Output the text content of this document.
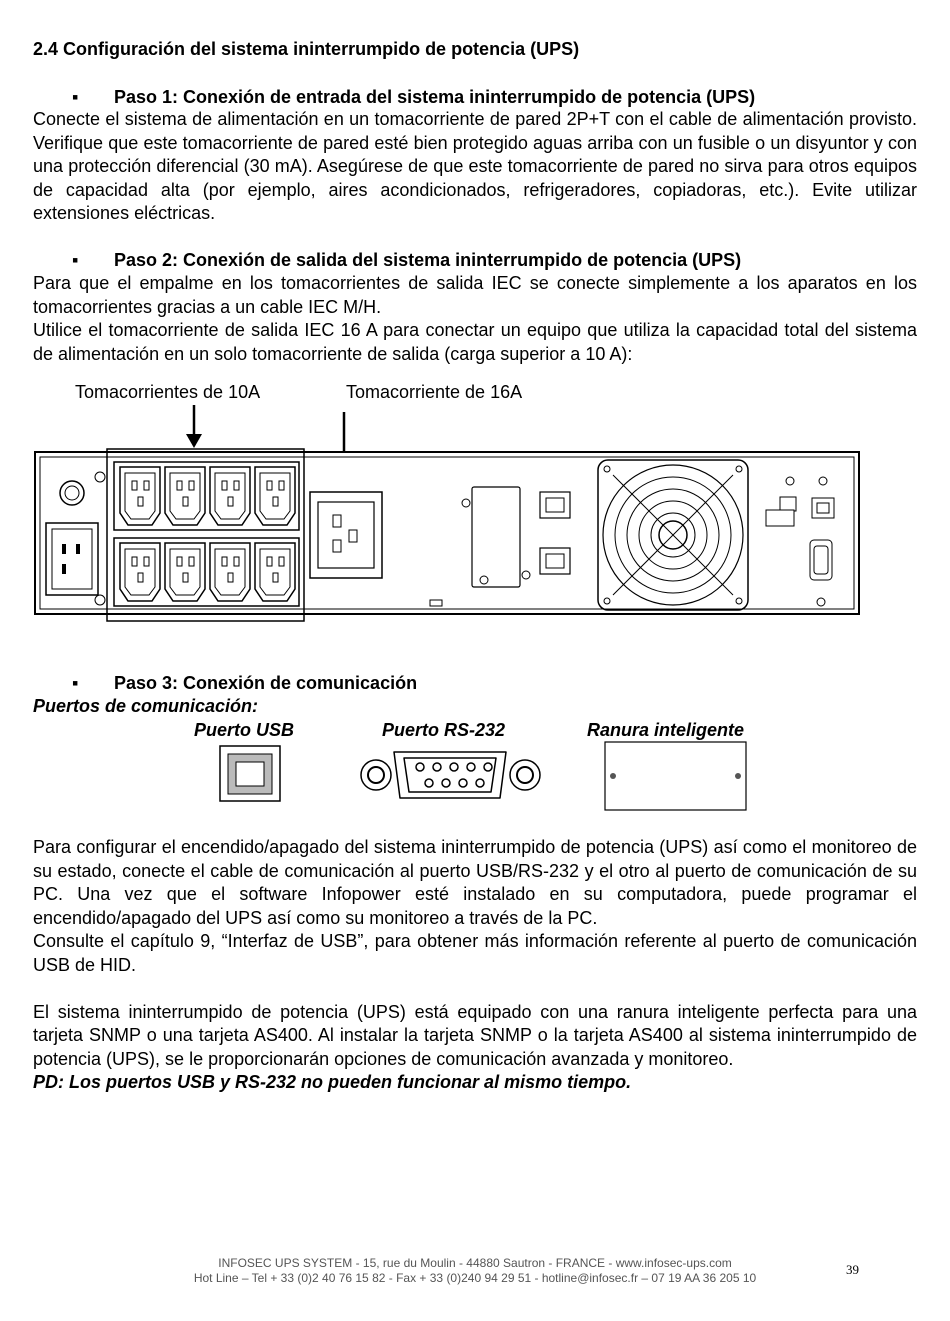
2.4 Configuración del sistema ininterrumpido de potencia (UPS)
▪ Paso 1: Conexión de entrada del sistema ininterrumpido de potencia (UPS)

Conecte el sistema de alimentación en un tomacorriente de pared 2P+T con el cable de alimentación provisto. Verifique que este tomacorriente de pared esté bien protegido aguas arriba con un fusible o un disyuntor y con una protección diferencial (30 mA). Asegúrese de que este tomacorriente de pared no sirva para otros equipos de capacidad alta (por ejemplo, aires acondicionados, refrigeradores, copiadoras, etc.). Evite utilizar extensiones eléctricas.

▪ Paso 2: Conexión de salida del sistema ininterrumpido de potencia (UPS)

Para que el empalme en los tomacorrientes de salida IEC se conecte simplemente a los aparatos en los tomacorrientes gracias a un cable IEC M/H.

Utilice el tomacorriente de salida IEC 16 A para conectar un equipo que utiliza la capacidad total del sistema de alimentación en un solo tomacorriente de salida (carga superior a 10 A):

Tomacorrientes de 10A	Tomacorriente de 16A
▪ Paso 3: Conexión de comunicación
Puertos de comunicación:
Puerto USB	Puerto RS-232	Ranura inteligente

Para configurar el encendido/apagado del sistema ininterrumpido de potencia (UPS) así como el monitoreo de su estado, conecte el cable de comunicación al puerto USB/RS-232 y el otro al puerto de comunicación de su PC. Una vez que el software Infopower esté instalado en su computadora, puede programar el encendido/apagado del UPS así como su monitoreo a través de la PC.

Consulte el capítulo 9, “Interfaz de USB”, para obtener más información referente al puerto de comunicación USB de HID.

El sistema ininterrumpido de potencia (UPS) está equipado con una ranura inteligente perfecta para una tarjeta SNMP o una tarjeta AS400. Al instalar la tarjeta SNMP o la tarjeta AS400 al sistema ininterrumpido de potencia (UPS), se le proporcionarán opciones de comunicación avanzada y monitoreo.

PD: Los puertos USB y RS-232 no pueden funcionar al mismo tiempo.

INFOSEC UPS SYSTEM - 15, rue du Moulin - 44880 Sautron - FRANCE - www.infosec-ups.com
Hot Line – Tel + 33 (0)2 40 76 15 82 - Fax + 33 (0)240 94 29 51 - hotline@infosec.fr – 07 19 AA 36 205 10
39
